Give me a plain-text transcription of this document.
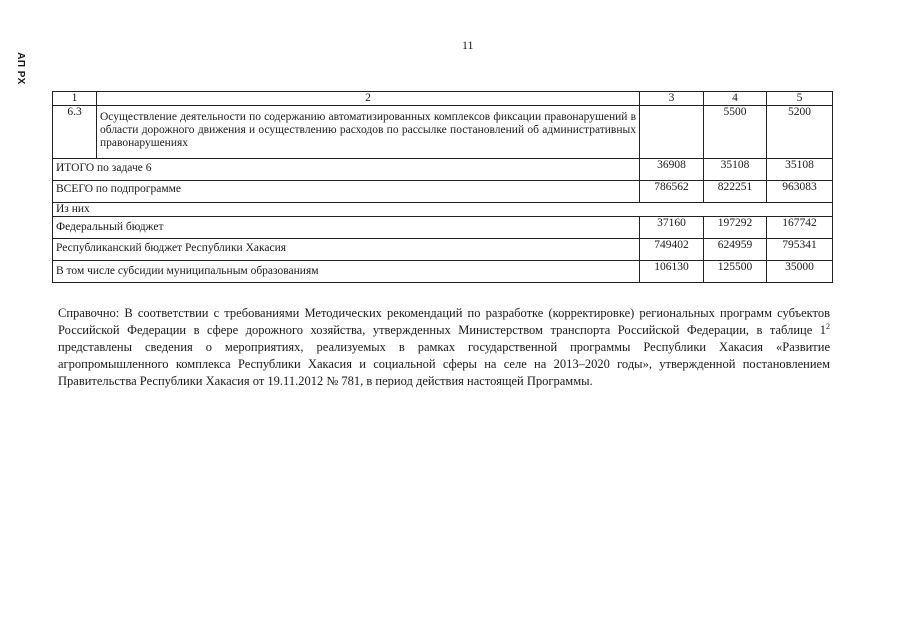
АП РХ
11
1	2	3	4	5
6.3	Осуществление деятельности по содержанию автоматизированных комплексов фиксации правонарушений в области дорожного движения и осуществлению расходов по рассылке постановлений об административных правонарушениях		5500	5200
ИТОГО по задаче 6		36908	35108	35108
ВСЕГО по подпрограмме		786562	822251	963083
Из них				
Федеральный бюджет		37160	197292	167742
Республиканский бюджет Республики Хакасия		749402	624959	795341
В том числе субсидии муниципальным образованиям		106130	125500	35000

Справочно: В соответствии с требованиями Методических рекомендаций по разработке (корректировке) региональных программ субъектов Российской Федерации в сфере дорожного хозяйства, утвержденных Министерством транспорта Российской Федерации, в таблице $1^2$ представлены сведения о мероприятиях, реализуемых в рамках государственной программы Республики Хакасия «Развитие агропромышленного комплекса Республики Хакасия и социальной сферы на селе на 2013–2020 годы», утвержденной постановлением Правительства Республики Хакасия от 19.11.2012 № 781, в период действия настоящей Программы.
